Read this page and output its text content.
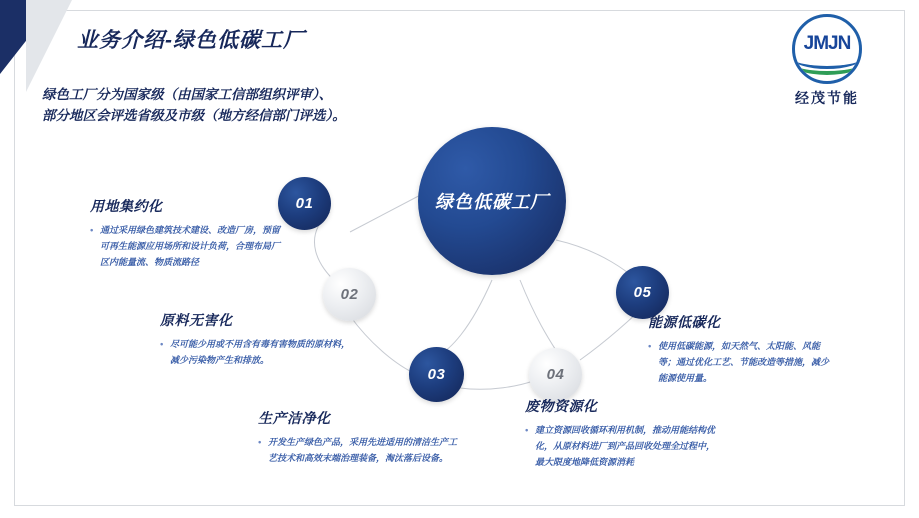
业务介绍-绿色低碳工厂	JMJN
经茂节能
绿色工厂分为国家级（由国家工信部组织评审）、
部分地区会评选省级及市级（地方经信部门评选）。
绿色低碳工厂
01
02
03	04
05
用地集约化

• 通过采用绿色建筑技术建设、改造厂房，预留可再生能源应用场所和设计负荷，合理布局厂区内能量流、物质流路径

原料无害化

• 尽可能少用或不用含有毒有害物质的原材料，减少污染物产生和排放。

生产洁净化

• 开发生产绿色产品，采用先进适用的清洁生产工艺技术和高效末端治理装备，淘汰落后设备。

废物资源化

• 建立资源回收循环利用机制，推动用能结构优化，从原材料进厂到产品回收处理全过程中，最大限度地降低资源消耗

能源低碳化

• 使用低碳能源，如天然气、太阳能、风能等；通过优化工艺、节能改造等措施，减少能源使用量。
